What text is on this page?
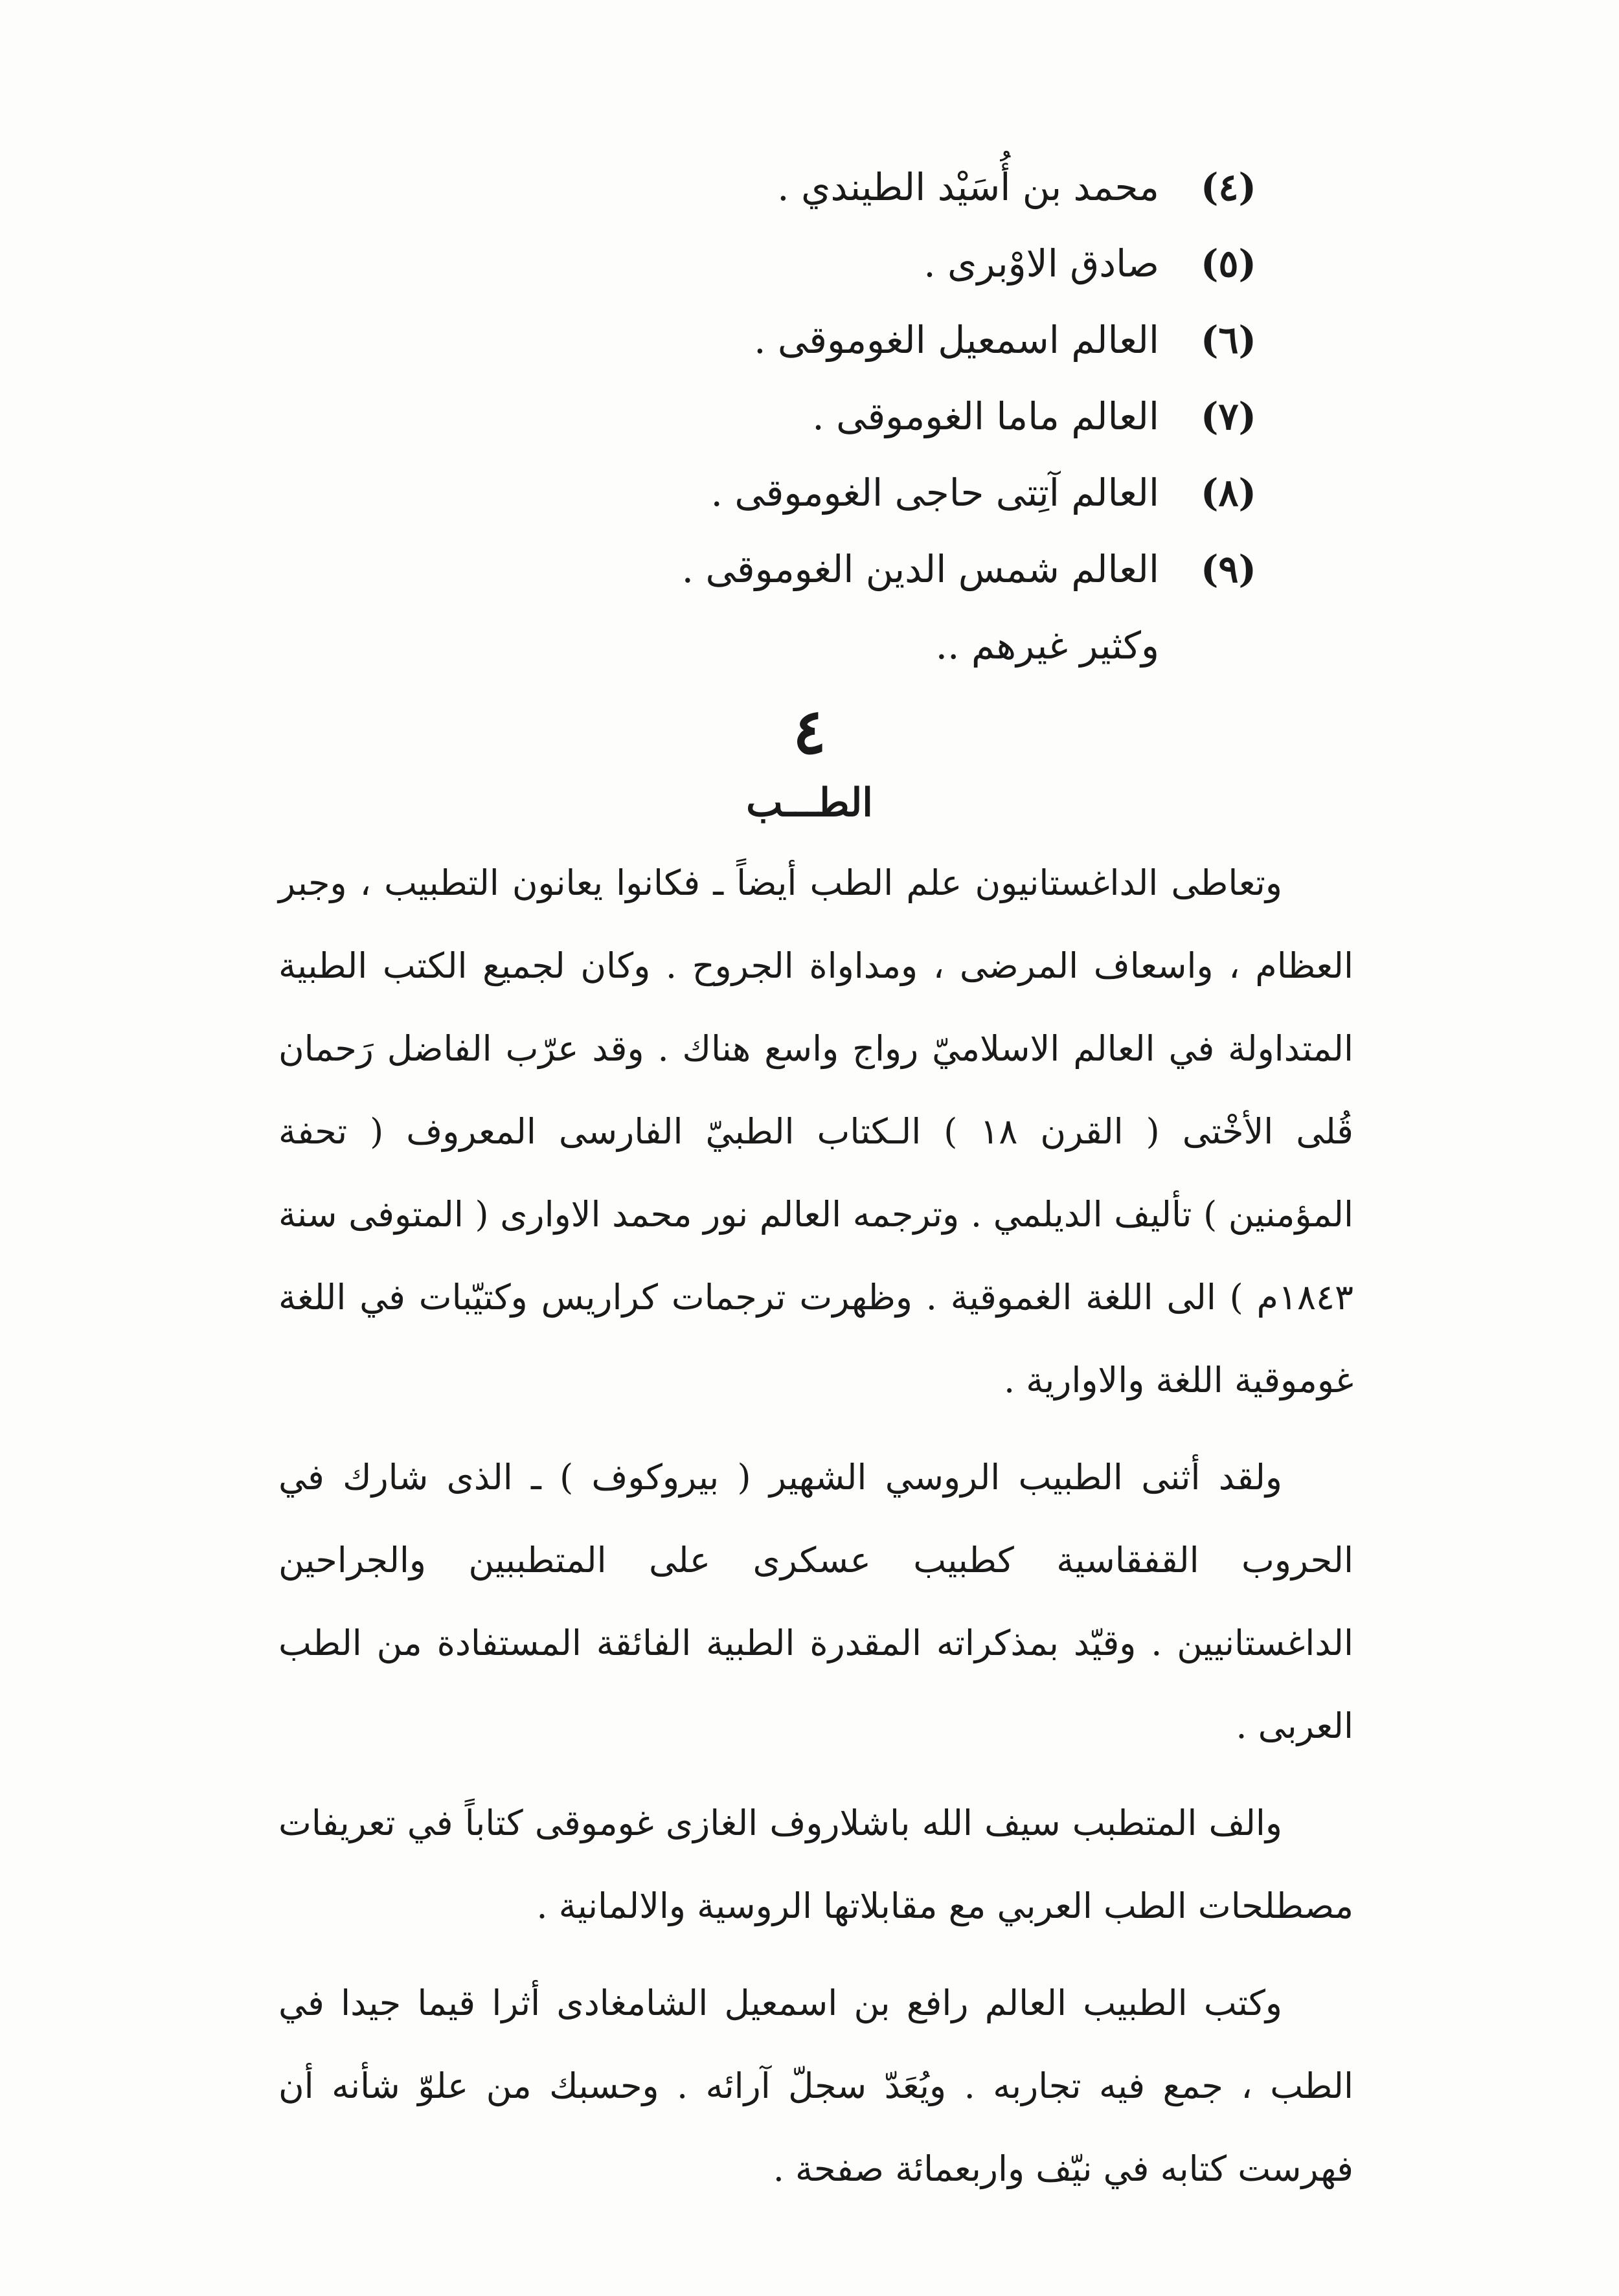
(٤)
محمد بن أُسَيْد الطيندي .
(٥)
صادق الاوْبرى .
(٦)
العالم اسمعيل الغوموقى .
(٧)
العالم ماما الغوموقى .
(٨)
العالم آتِتى حاجى الغوموقى .
(٩)
العالم شمس الدين الغوموقى .
وكثير غيرهم ..
٤
الطـــب

وتعاطى الداغستانيون علم الطب أيضاً ـ فكانوا يعانون التطبيب ، وجبر العظام ، واسعاف المرضى ، ومداواة الجروح . وكان لجميع الكتب الطبية المتداولة في العالم الاسلاميّ رواج واسع هناك . وقد عرّب الفاضل رَحمان قُلى الأخْتى ( القرن ١٨ ) الـكتاب الطبيّ الفارسى المعروف ( تحفة المؤمنين ) تأليف الديلمي . وترجمه العالم نور محمد الاوارى ( المتوفى سنة ١٨٤٣م ) الى اللغة الغموقية . وظهرت ترجمات كراريس وكتيّبات في اللغة غوموقية اللغة والاوارية .

ولقد أثنى الطبيب الروسي الشهير ( بيروكوف ) ـ الذى شارك في الحروب القفقاسية كطبيب عسكرى على المتطببين والجراحين الداغستانيين . وقيّد بمذكراته المقدرة الطبية الفائقة المستفادة من الطب العربى .

والف المتطبب سيف الله باشلاروف الغازى غوموقى كتاباً في تعريفات مصطلحات الطب العربي مع مقابلاتها الروسية والالمانية .

وكتب الطبيب العالم رافع بن اسمعيل الشامغادى أثرا قيما جيدا في الطب ، جمع فيه تجاربه . ويُعَدّ سجلّ آرائه . وحسبك من علوّ شأنه أن فهرست كتابه في نيّف واربعمائة صفحة .
